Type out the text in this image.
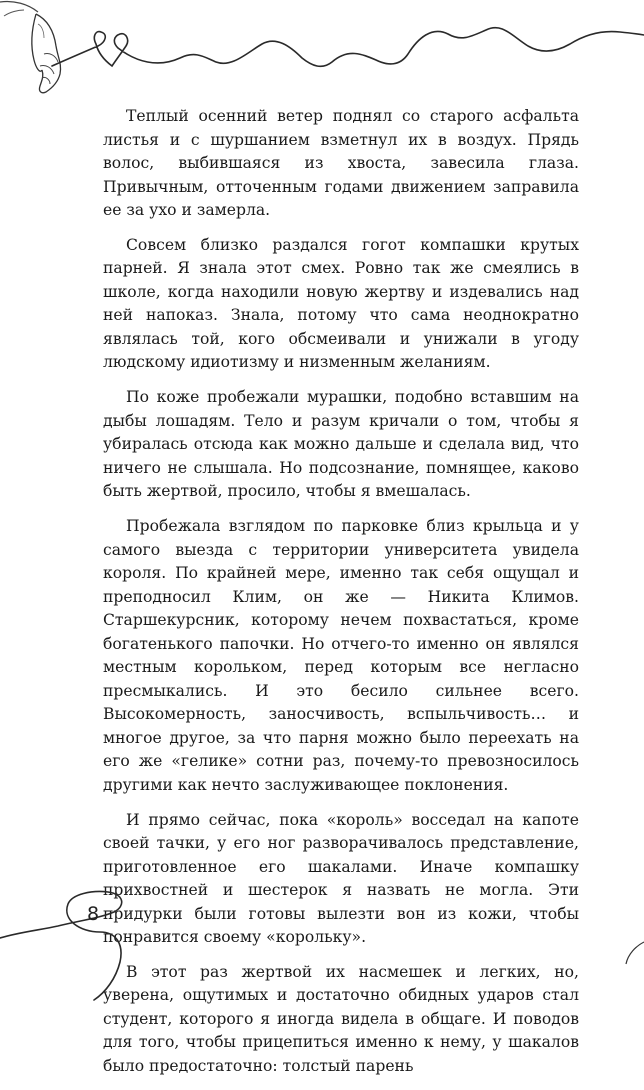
Теплый осенний ветер поднял со старого асфальта листья и с шуршанием взметнул их в воздух. Прядь волос, выбившаяся из хвоста, завесила глаза. Привычным, отточенным годами движением заправила ее за ухо и замерла.

Совсем близко раздался гогот компашки крутых парней. Я знала этот смех. Ровно так же смеялись в школе, когда находили новую жертву и издевались над ней напоказ. Знала, потому что сама неоднократно являлась той, кого обсмеивали и унижали в угоду людскому идиотизму и низменным желаниям.

По коже пробежали мурашки, подобно вставшим на дыбы лошадям. Тело и разум кричали о том, чтобы я убиралась отсюда как можно дальше и сделала вид, что ничего не слышала. Но подсознание, помнящее, каково быть жертвой, просило, чтобы я вмешалась.

Пробежала взглядом по парковке близ крыльца и у самого выезда с территории университета увидела короля. По крайней мере, именно так себя ощущал и преподносил Клим, он же — Никита Климов. Старшекурсник, которому нечем похвастаться, кроме богатенького папочки. Но отчего-то именно он являлся местным корольком, перед которым все негласно пресмыкались. И это бесило сильнее всего. Высокомерность, заносчивость, вспыльчивость… и многое другое, за что парня можно было переехать на его же «гелике» сотни раз, почему-то превозносилось другими как нечто заслуживающее поклонения.

И прямо сейчас, пока «король» восседал на капоте своей тачки, у его ног разворачивалось представление, приготовленное его шакалами. Иначе компашку прихвостней и шестерок я назвать не могла. Эти придурки были готовы вылезти вон из кожи, чтобы понравится своему «корольку».

В этот раз жертвой их насмешек и легких, но, уверена, ощутимых и достаточно обидных ударов стал студент, которого я иногда видела в общаге. И поводов для того, чтобы прицепиться именно к нему, у шакалов было предостаточно: толстый парень

8
